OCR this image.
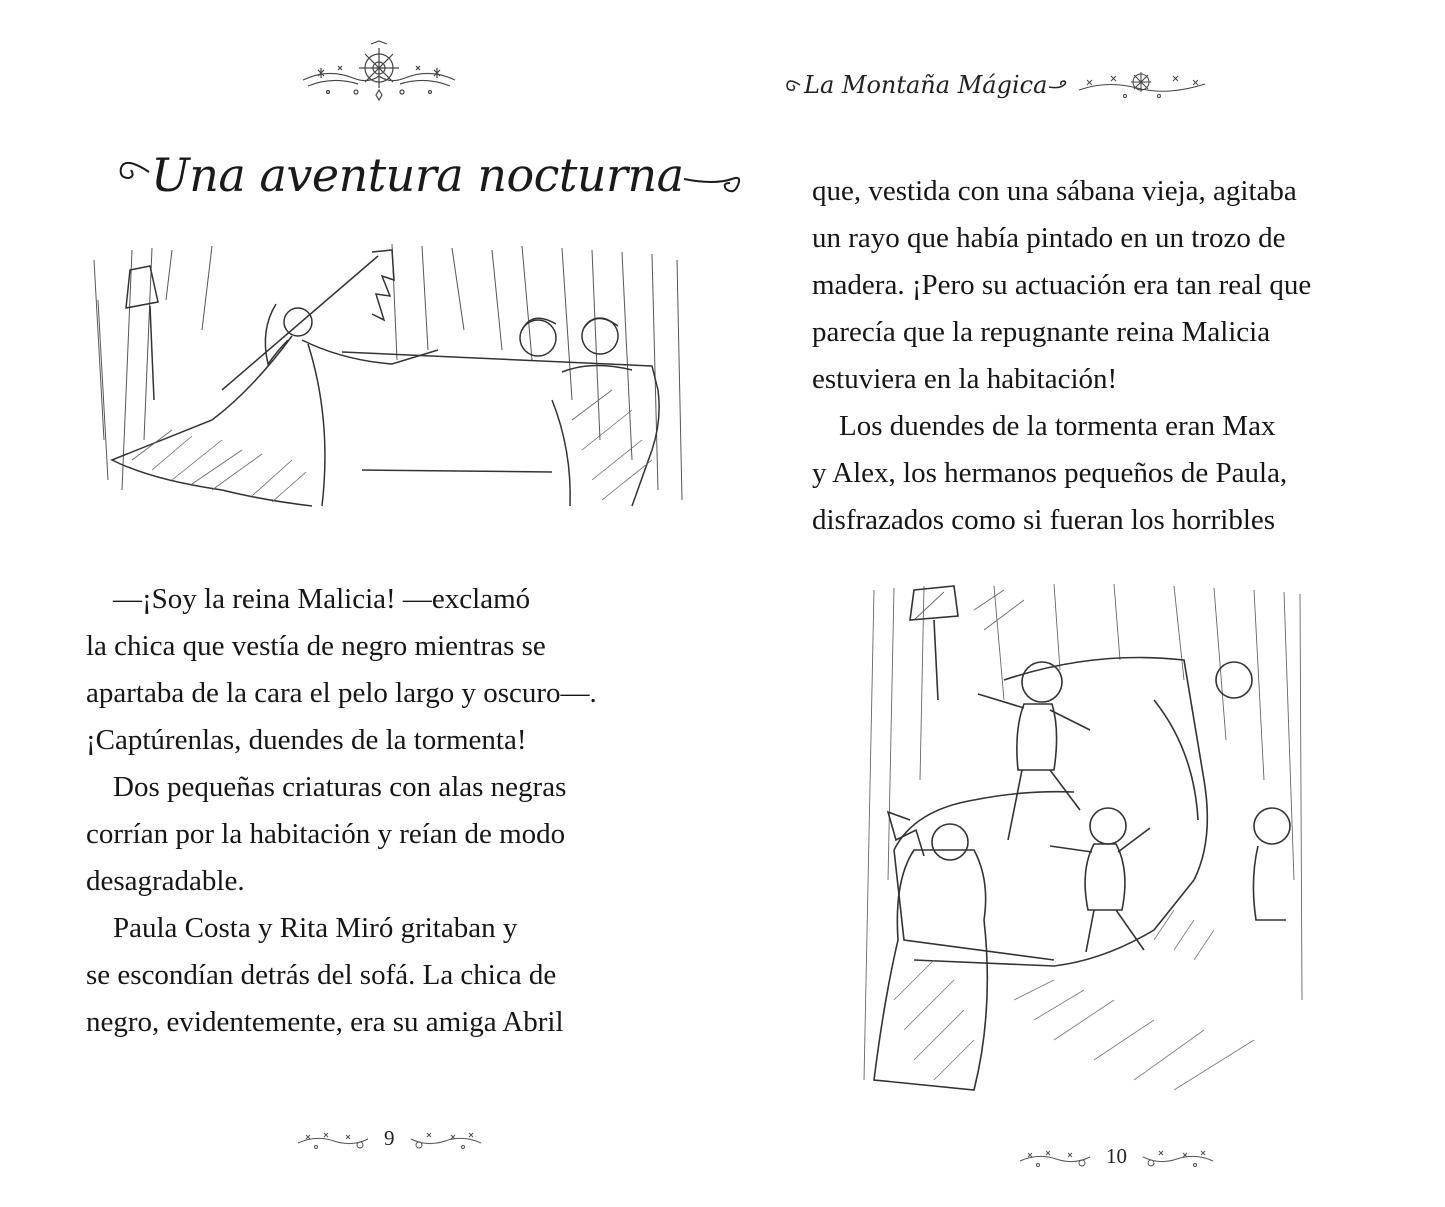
Una aventura nocturna

—¡Soy la reina Malicia! —exclamó

la chica que vestía de negro mientras se

apartaba de la cara el pelo largo y oscuro—.

¡Captúrenlas, duendes de la tormenta!

Dos pequeñas criaturas con alas negras

corrían por la habitación y reían de modo

desagradable.

Paula Costa y Rita Miró gritaban y

se escondían detrás del sofá. La chica de

negro, evidentemente, era su amiga Abril

9
La Montaña Mágica

que, vestida con una sábana vieja, agitaba

un rayo que había pintado en un trozo de

madera. ¡Pero su actuación era tan real que

parecía que la repugnante reina Malicia

estuviera en la habitación!

Los duendes de la tormenta eran Max

y Alex, los hermanos pequeños de Paula,

disfrazados como si fueran los horribles

10
